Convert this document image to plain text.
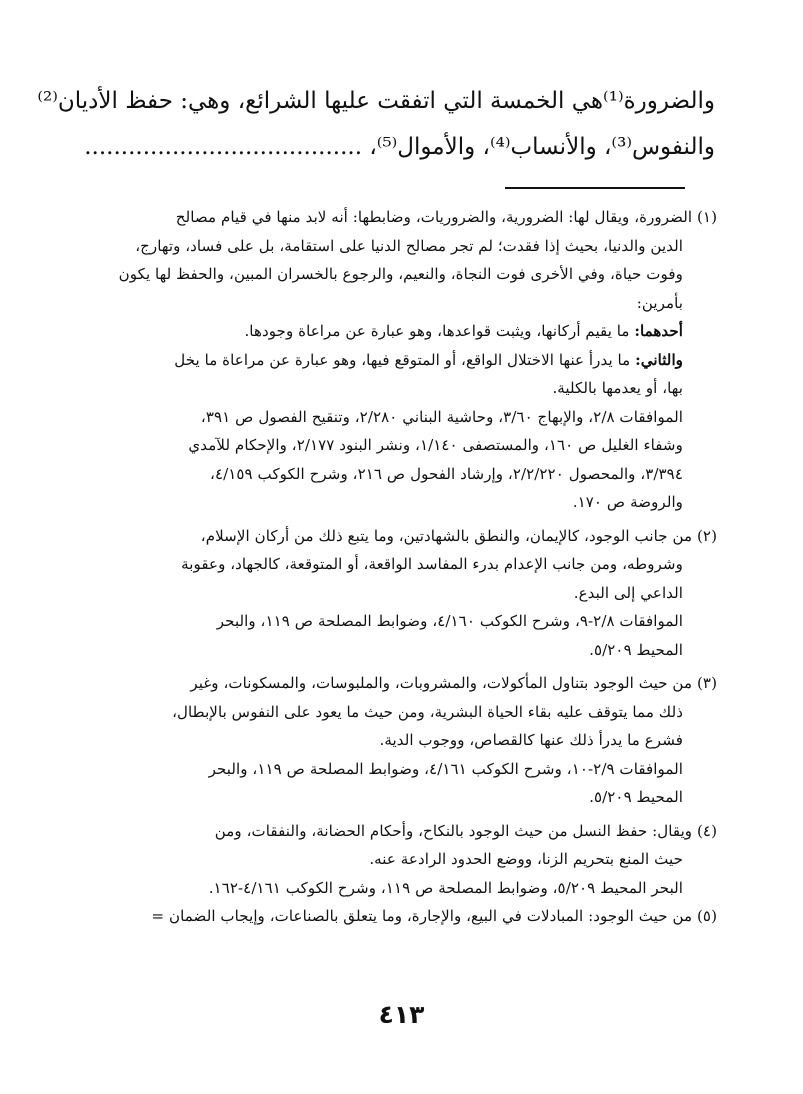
والضرورة⁽¹⁾هي الخمسة التي اتفقت عليها الشرائع، وهي: حفظ الأديان⁽²⁾
والنفوس⁽³⁾، والأنساب⁽⁴⁾، والأموال⁽⁵⁾، ......................................
(١) الضرورة، ويقال لها: الضرورية، والضروريات، وضابطها: أنه لابد منها في قيام مصالح
الدين والدنيا، بحيث إذا فقدت؛ لم تجر مصالح الدنيا على استقامة، بل على فساد، وتهارج،
وفوت حياة، وفي الأخرى فوت النجاة، والنعيم، والرجوع بالخسران المبين، والحفظ لها يكون
بأمرين:
أحدهما: ما يقيم أركانها، ويثبت قواعدها، وهو عبارة عن مراعاة وجودها.
والثاني: ما يدرأ عنها الاختلال الواقع، أو المتوقع فيها، وهو عبارة عن مراعاة ما يخل
بها، أو يعدمها بالكلية.
الموافقات ٢/٨، والإبهاج ٣/٦٠، وحاشية البناني ٢/٢٨٠، وتنقيح الفصول ص ٣٩١،
وشفاء الغليل ص ١٦٠، والمستصفى ١/١٤٠، ونشر البنود ٢/١٧٧، والإحكام للآمدي
٣/٣٩٤، والمحصول ٢/٢/٢٢٠، وإرشاد الفحول ص ٢١٦، وشرح الكوكب ٤/١٥٩،
والروضة ص ١٧٠.
(٢) من جانب الوجود، كالإيمان، والنطق بالشهادتين، وما يتبع ذلك من أركان الإسلام،
وشروطه، ومن جانب الإعدام بدرء المفاسد الواقعة، أو المتوقعة، كالجهاد، وعقوبة
الداعي إلى البدع.
الموافقات ٢/٨-٩، وشرح الكوكب ٤/١٦٠، وضوابط المصلحة ص ١١٩، والبحر
المحيط ٥/٢٠٩.
(٣) من حيث الوجود بتناول المأكولات، والمشروبات، والملبوسات، والمسكونات، وغير
ذلك مما يتوقف عليه بقاء الحياة البشرية، ومن حيث ما يعود على النفوس بالإبطال،
فشرع ما يدرأ ذلك عنها كالقصاص، ووجوب الدية.
الموافقات ٢/٩-١٠، وشرح الكوكب ٤/١٦١، وضوابط المصلحة ص ١١٩، والبحر
المحيط ٥/٢٠٩.
(٤) ويقال: حفظ النسل من حيث الوجود بالنكاح، وأحكام الحضانة، والنفقات، ومن
حيث المنع بتحريم الزنا، ووضع الحدود الرادعة عنه.
البحر المحيط ٥/٢٠٩، وضوابط المصلحة ص ١١٩، وشرح الكوكب ٤/١٦١-١٦٢.
(٥) من حيث الوجود: المبادلات في البيع، والإجارة، وما يتعلق بالصناعات، وإيجاب الضمان =
٤١٣
